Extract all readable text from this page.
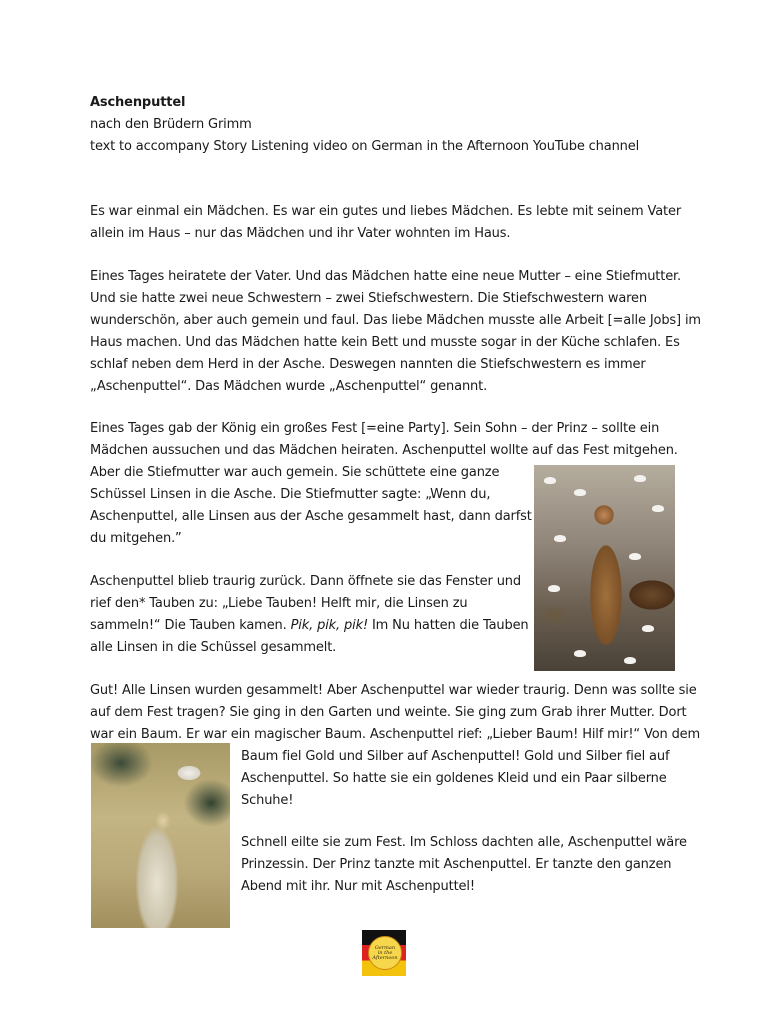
Aschenputtel
nach den Brüdern Grimm
text to accompany Story Listening video on German in the Afternoon YouTube channel
Es war einmal ein Mädchen. Es war ein gutes und liebes Mädchen. Es lebte mit seinem Vater
allein im Haus – nur das Mädchen und ihr Vater wohnten im Haus.
Eines Tages heiratete der Vater. Und das Mädchen hatte eine neue Mutter – eine Stiefmutter.
Und sie hatte zwei neue Schwestern – zwei Stiefschwestern. Die Stiefschwestern waren
wunderschön, aber auch gemein und faul. Das liebe Mädchen musste alle Arbeit [=alle Jobs] im
Haus machen. Und das Mädchen hatte kein Bett und musste sogar in der Küche schlafen. Es
schlaf neben dem Herd in der Asche. Deswegen nannten die Stiefschwestern es immer
„Aschenputtel“. Das Mädchen wurde „Aschenputtel“ genannt.
Eines Tages gab der König ein großes Fest [=eine Party]. Sein Sohn – der Prinz – sollte ein
Mädchen aussuchen und das Mädchen heiraten. Aschenputtel wollte auf das Fest mitgehen.
Aber die Stiefmutter war auch gemein. Sie schüttete eine ganze
Schüssel Linsen in die Asche. Die Stiefmutter sagte: „Wenn du,
Aschenputtel, alle Linsen aus der Asche gesammelt hast, dann darfst
du mitgehen.”
Aschenputtel blieb traurig zurück. Dann öffnete sie das Fenster und
rief den* Tauben zu: „Liebe Tauben! Helft mir, die Linsen zu
sammeln!“ Die Tauben kamen. Pik, pik, pik! Im Nu hatten die Tauben
alle Linsen in die Schüssel gesammelt.
Gut! Alle Linsen wurden gesammelt! Aber Aschenputtel war wieder traurig. Denn was sollte sie
auf dem Fest tragen? Sie ging in den Garten und weinte. Sie ging zum Grab ihrer Mutter. Dort
war ein Baum. Er war ein magischer Baum. Aschenputtel rief: „Lieber Baum! Hilf mir!“ Von dem
Baum fiel Gold und Silber auf Aschenputtel! Gold und Silber fiel auf
Aschenputtel. So hatte sie ein goldenes Kleid und ein Paar silberne
Schuhe!
Schnell eilte sie zum Fest. Im Schloss dachten alle, Aschenputtel wäre
Prinzessin. Der Prinz tanzte mit Aschenputtel. Er tanzte den ganzen
Abend mit ihr. Nur mit Aschenputtel!
German
in the
Afternoon
